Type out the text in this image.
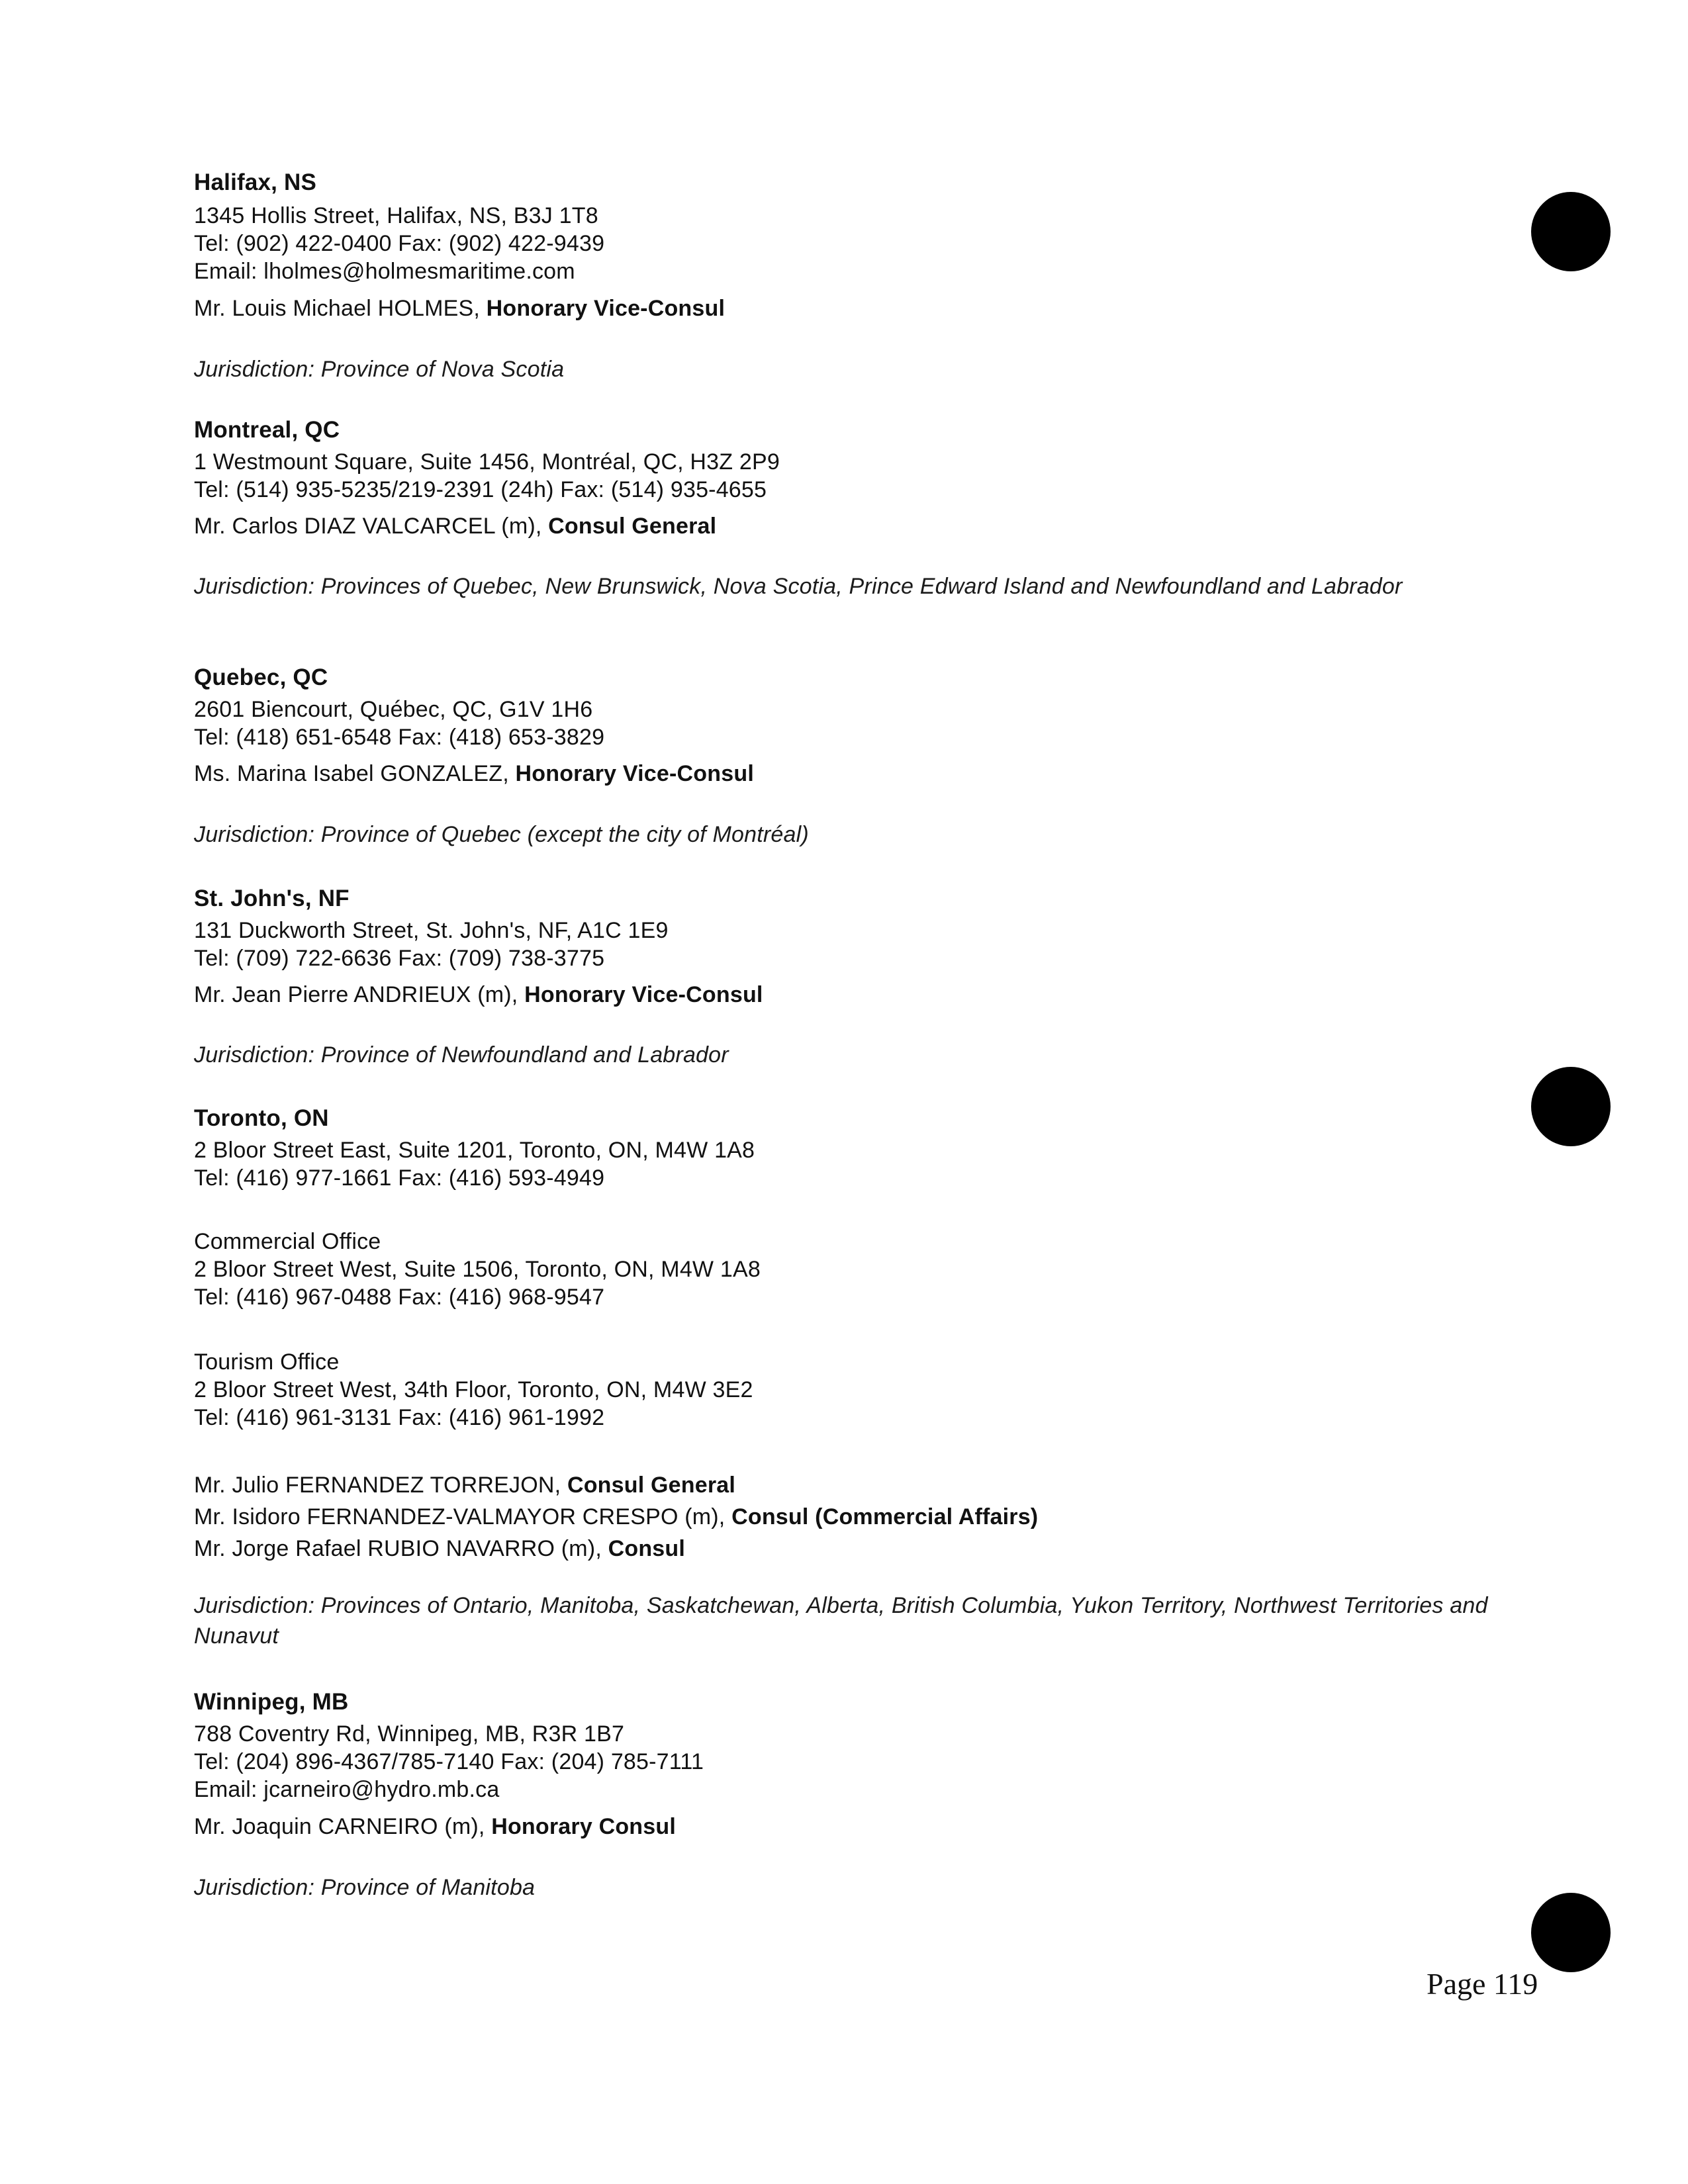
Halifax, NS
1345 Hollis Street, Halifax, NS, B3J 1T8
Tel: (902) 422-0400 Fax: (902) 422-9439
Email: lholmes@holmesmaritime.com
Mr. Louis Michael HOLMES, Honorary Vice-Consul
Jurisdiction: Province of Nova Scotia
Montreal, QC
1 Westmount Square, Suite 1456, Montréal, QC, H3Z 2P9
Tel: (514) 935-5235/219-2391 (24h) Fax: (514) 935-4655
Mr. Carlos DIAZ VALCARCEL (m), Consul General
Jurisdiction: Provinces of Quebec, New Brunswick, Nova Scotia, Prince Edward Island and Newfoundland and Labrador
Quebec, QC
2601 Biencourt, Québec, QC, G1V 1H6
Tel: (418) 651-6548 Fax: (418) 653-3829
Ms. Marina Isabel GONZALEZ, Honorary Vice-Consul
Jurisdiction: Province of Quebec (except the city of Montréal)
St. John's, NF
131 Duckworth Street, St. John's, NF, A1C 1E9
Tel: (709) 722-6636 Fax: (709) 738-3775
Mr. Jean Pierre ANDRIEUX (m), Honorary Vice-Consul
Jurisdiction: Province of Newfoundland and Labrador
Toronto, ON
2 Bloor Street East, Suite 1201, Toronto, ON, M4W 1A8
Tel: (416) 977-1661 Fax: (416) 593-4949
Commercial Office
2 Bloor Street West, Suite 1506, Toronto, ON, M4W 1A8
Tel: (416) 967-0488 Fax: (416) 968-9547
Tourism Office
2 Bloor Street West, 34th Floor, Toronto, ON, M4W 3E2
Tel: (416) 961-3131 Fax: (416) 961-1992
Mr. Julio FERNANDEZ TORREJON, Consul General
Mr. Isidoro FERNANDEZ-VALMAYOR CRESPO (m), Consul (Commercial Affairs)
Mr. Jorge Rafael RUBIO NAVARRO (m), Consul
Jurisdiction: Provinces of Ontario, Manitoba, Saskatchewan, Alberta, British Columbia, Yukon Territory, Northwest Territories and Nunavut
Winnipeg, MB
788 Coventry Rd, Winnipeg, MB, R3R 1B7
Tel: (204) 896-4367/785-7140 Fax: (204) 785-7111
Email: jcarneiro@hydro.mb.ca
Mr. Joaquin CARNEIRO (m), Honorary Consul
Jurisdiction: Province of Manitoba
Page 119
